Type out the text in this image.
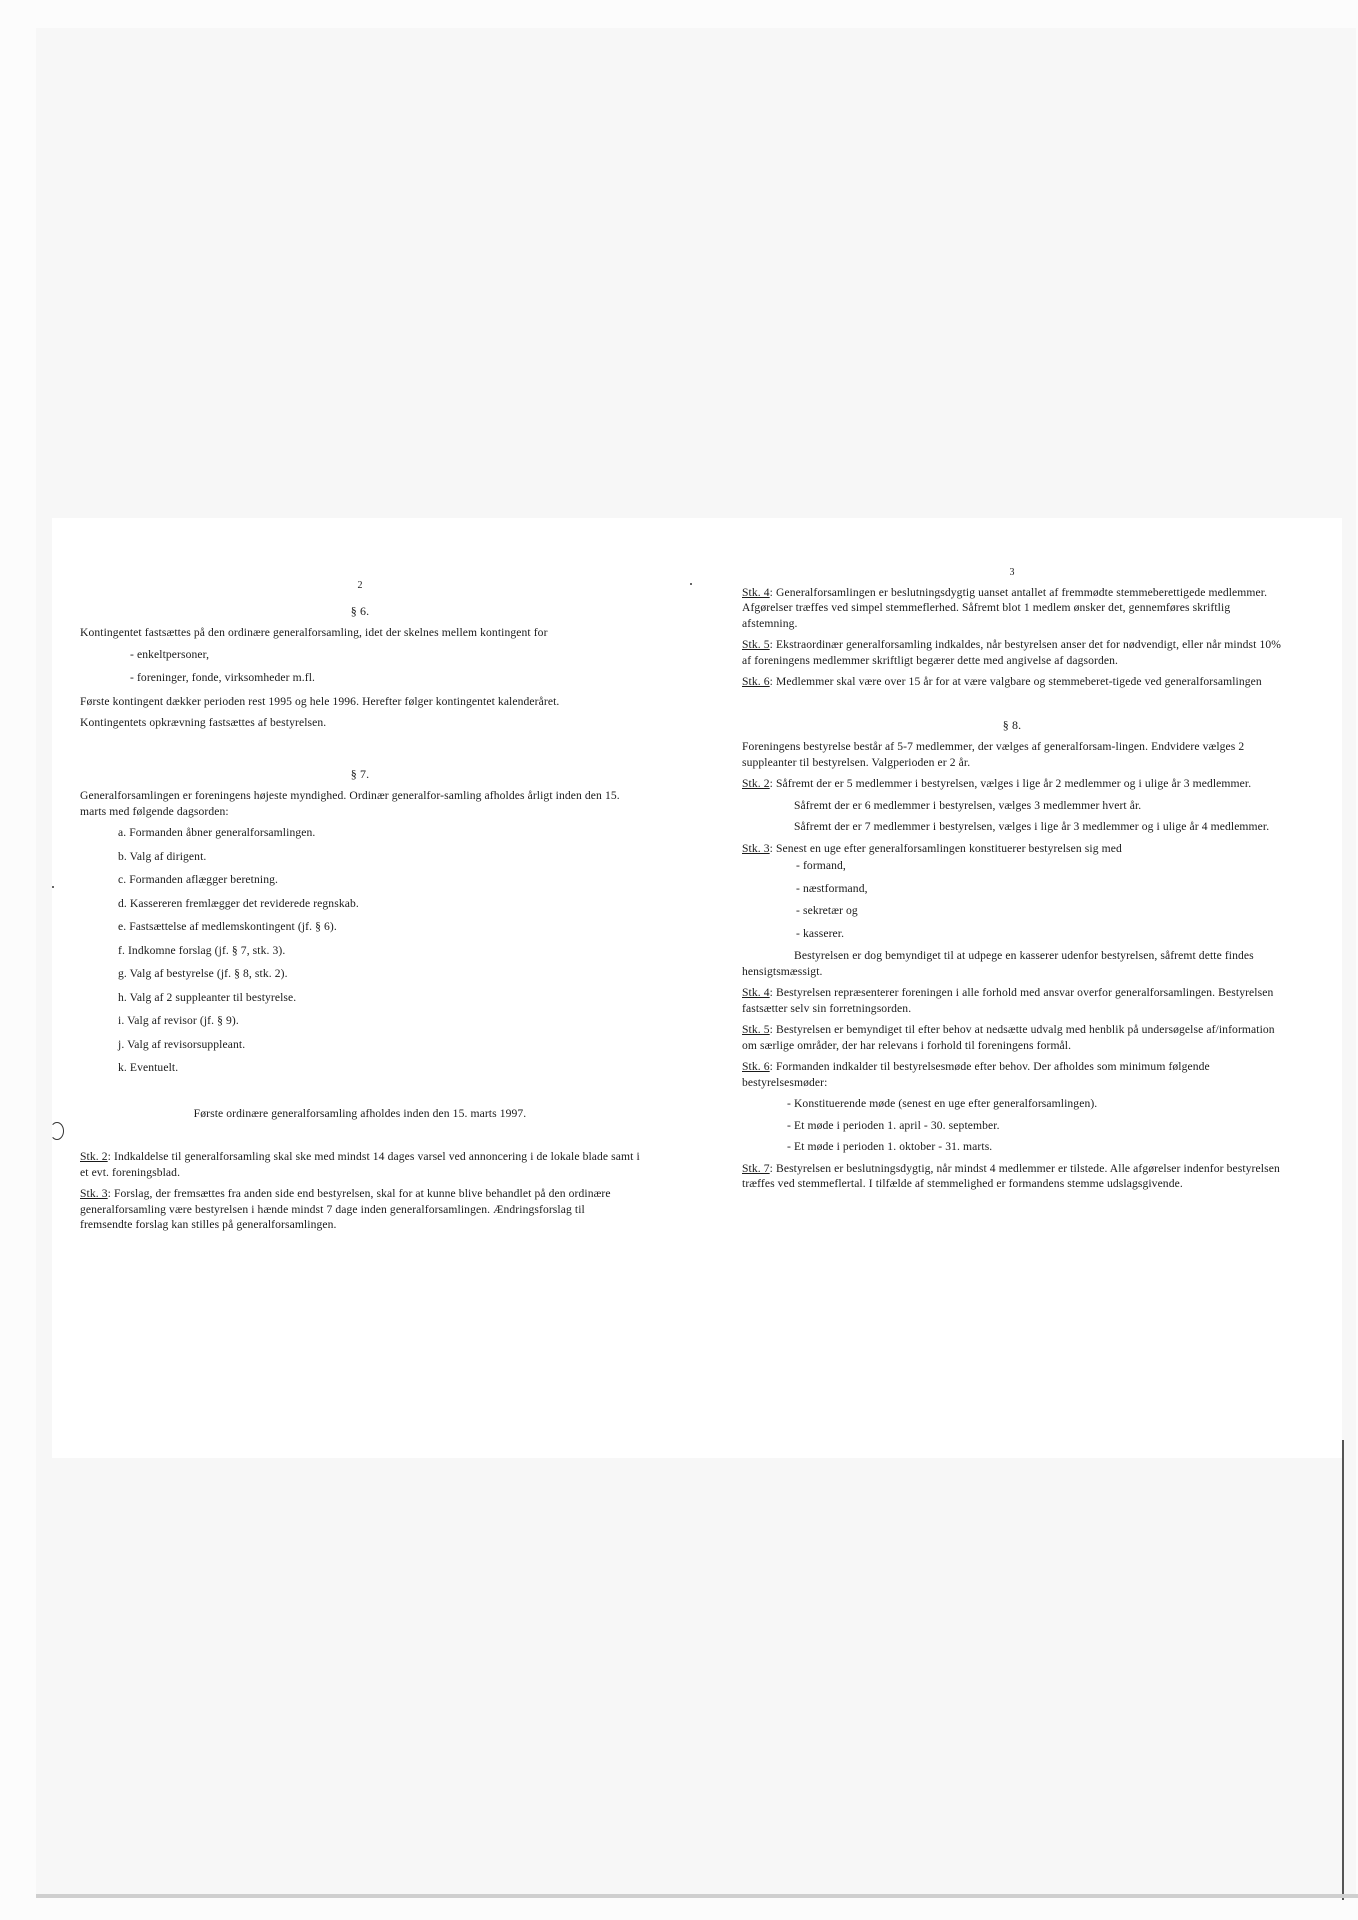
2
§ 6.

Kontingentet fastsættes på den ordinære generalforsamling, idet der skelnes mellem kontingent for

- enkeltpersoner,
- foreninger, fonde, virksomheder m.fl.

Første kontingent dækker perioden rest 1995 og hele 1996. Herefter følger kontingentet kalenderåret.

Kontingentets opkrævning fastsættes af bestyrelsen.

§ 7.

Generalforsamlingen er foreningens højeste myndighed. Ordinær generalfor-samling afholdes årligt inden den 15. marts med følgende dagsorden:

a. Formanden åbner generalforsamlingen.
b. Valg af dirigent.
c. Formanden aflægger beretning.
d. Kassereren fremlægger det reviderede regnskab.
e. Fastsættelse af medlemskontingent (jf. § 6).
f. Indkomne forslag (jf. § 7, stk. 3).
g. Valg af bestyrelse (jf. § 8, stk. 2).
h. Valg af 2 suppleanter til bestyrelse.
i. Valg af revisor (jf. § 9).
j. Valg af revisorsuppleant.
k. Eventuelt.

Første ordinære generalforsamling afholdes inden den 15. marts 1997.

Stk. 2: Indkaldelse til generalforsamling skal ske med mindst 14 dages varsel ved annoncering i de lokale blade samt i et evt. foreningsblad.

Stk. 3: Forslag, der fremsættes fra anden side end bestyrelsen, skal for at kunne blive behandlet på den ordinære generalforsamling være bestyrelsen i hænde mindst 7 dage inden generalforsamlingen. Ændringsforslag til fremsendte forslag kan stilles på generalforsamlingen.

3

Stk. 4: Generalforsamlingen er beslutningsdygtig uanset antallet af fremmødte stemmeberettigede medlemmer. Afgørelser træffes ved simpel stemmeflerhed. Såfremt blot 1 medlem ønsker det, gennemføres skriftlig afstemning.

Stk. 5: Ekstraordinær generalforsamling indkaldes, når bestyrelsen anser det for nødvendigt, eller når mindst 10% af foreningens medlemmer skriftligt begærer dette med angivelse af dagsorden.

Stk. 6: Medlemmer skal være over 15 år for at være valgbare og stemmeberet-tigede ved generalforsamlingen

§ 8.

Foreningens bestyrelse består af 5-7 medlemmer, der vælges af generalforsam-lingen. Endvidere vælges 2 suppleanter til bestyrelsen. Valgperioden er 2 år.

Stk. 2: Såfremt der er 5 medlemmer i bestyrelsen, vælges i lige år 2 medlemmer og i ulige år 3 medlemmer.

Såfremt der er 6 medlemmer i bestyrelsen, vælges 3 medlemmer hvert år.

Såfremt der er 7 medlemmer i bestyrelsen, vælges i lige år 3 medlemmer og i ulige år 4 medlemmer.

Stk. 3: Senest en uge efter generalforsamlingen konstituerer bestyrelsen sig med

- formand,
- næstformand,
- sekretær og
- kasserer.

Bestyrelsen er dog bemyndiget til at udpege en kasserer udenfor bestyrelsen, såfremt dette findes hensigtsmæssigt.

Stk. 4: Bestyrelsen repræsenterer foreningen i alle forhold med ansvar overfor generalforsamlingen. Bestyrelsen fastsætter selv sin forretningsorden.

Stk. 5: Bestyrelsen er bemyndiget til efter behov at nedsætte udvalg med henblik på undersøgelse af/information om særlige områder, der har relevans i forhold til foreningens formål.

Stk. 6: Formanden indkalder til bestyrelsesmøde efter behov. Der afholdes som minimum følgende bestyrelsesmøder:

- Konstituerende møde (senest en uge efter generalforsamlingen).
- Et møde i perioden 1. april - 30. september.
- Et møde i perioden 1. oktober - 31. marts.

Stk. 7: Bestyrelsen er beslutningsdygtig, når mindst 4 medlemmer er tilstede. Alle afgørelser indenfor bestyrelsen træffes ved stemmeflertal. I tilfælde af stemmelighed er formandens stemme udslagsgivende.
